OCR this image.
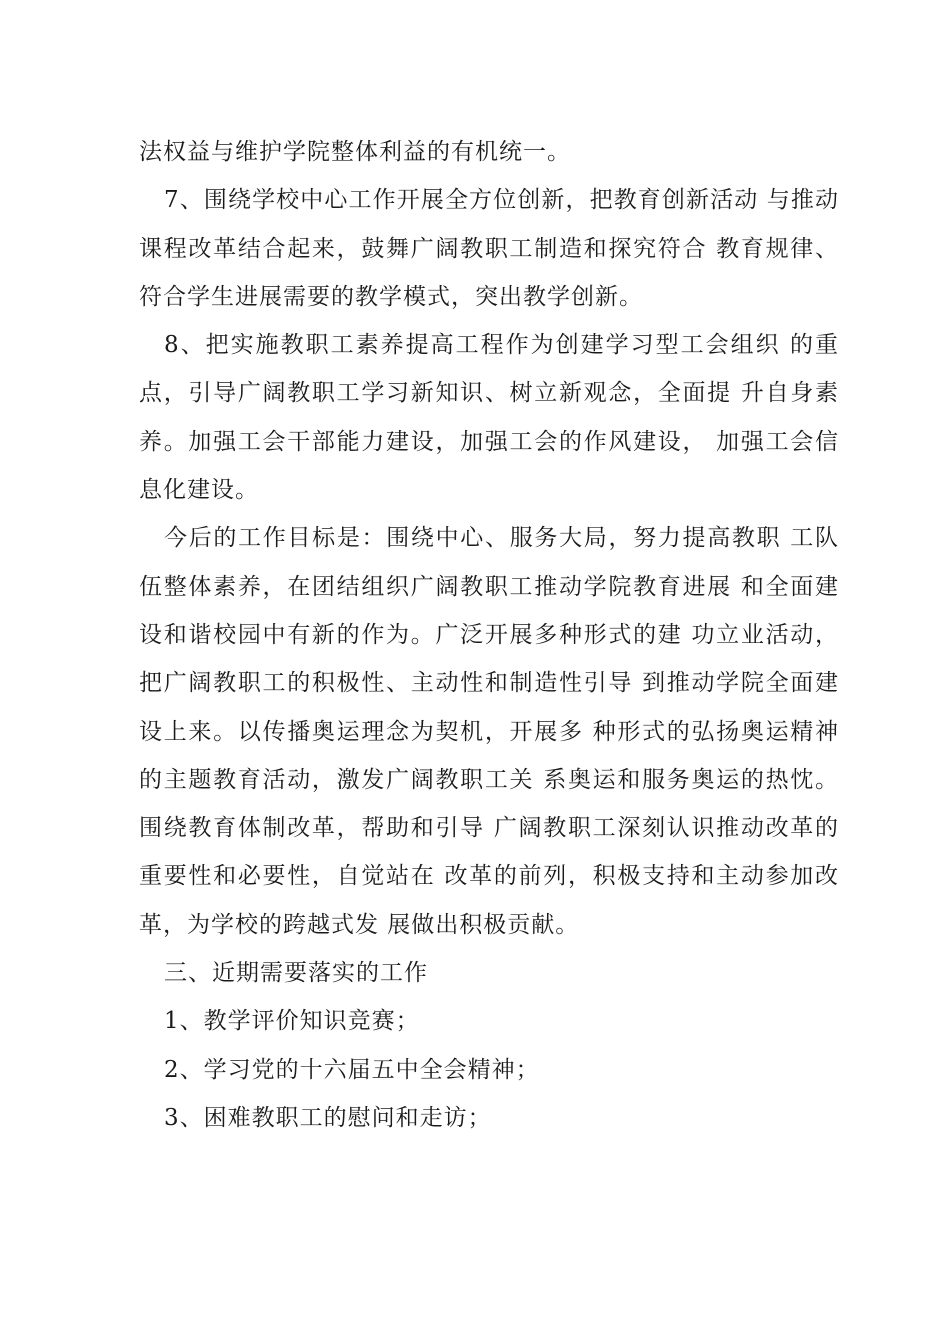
法权益与维护学院整体利益的有机统一。

7、围绕学校中心工作开展全方位创新，把教育创新活动 与推动课程改革结合起来，鼓舞广阔教职工制造和探究符合 教育规律、符合学生进展需要的教学模式，突出教学创新。

8、把实施教职工素养提高工程作为创建学习型工会组织 的重点，引导广阔教职工学习新知识、树立新观念，全面提 升自身素养。加强工会干部能力建设，加强工会的作风建设， 加强工会信息化建设。

今后的工作目标是：围绕中心、服务大局，努力提高教职 工队伍整体素养，在团结组织广阔教职工推动学院教育进展 和全面建设和谐校园中有新的作为。广泛开展多种形式的建 功立业活动，把广阔教职工的积极性、主动性和制造性引导 到推动学院全面建设上来。以传播奥运理念为契机，开展多 种形式的弘扬奥运精神的主题教育活动，激发广阔教职工关 系奥运和服务奥运的热忱。围绕教育体制改革，帮助和引导 广阔教职工深刻认识推动改革的重要性和必要性，自觉站在 改革的前列，积极支持和主动参加改革，为学校的跨越式发 展做出积极贡献。

三、近期需要落实的工作

1、教学评价知识竞赛；

2、学习党的十六届五中全会精神；

3、困难教职工的慰问和走访；
